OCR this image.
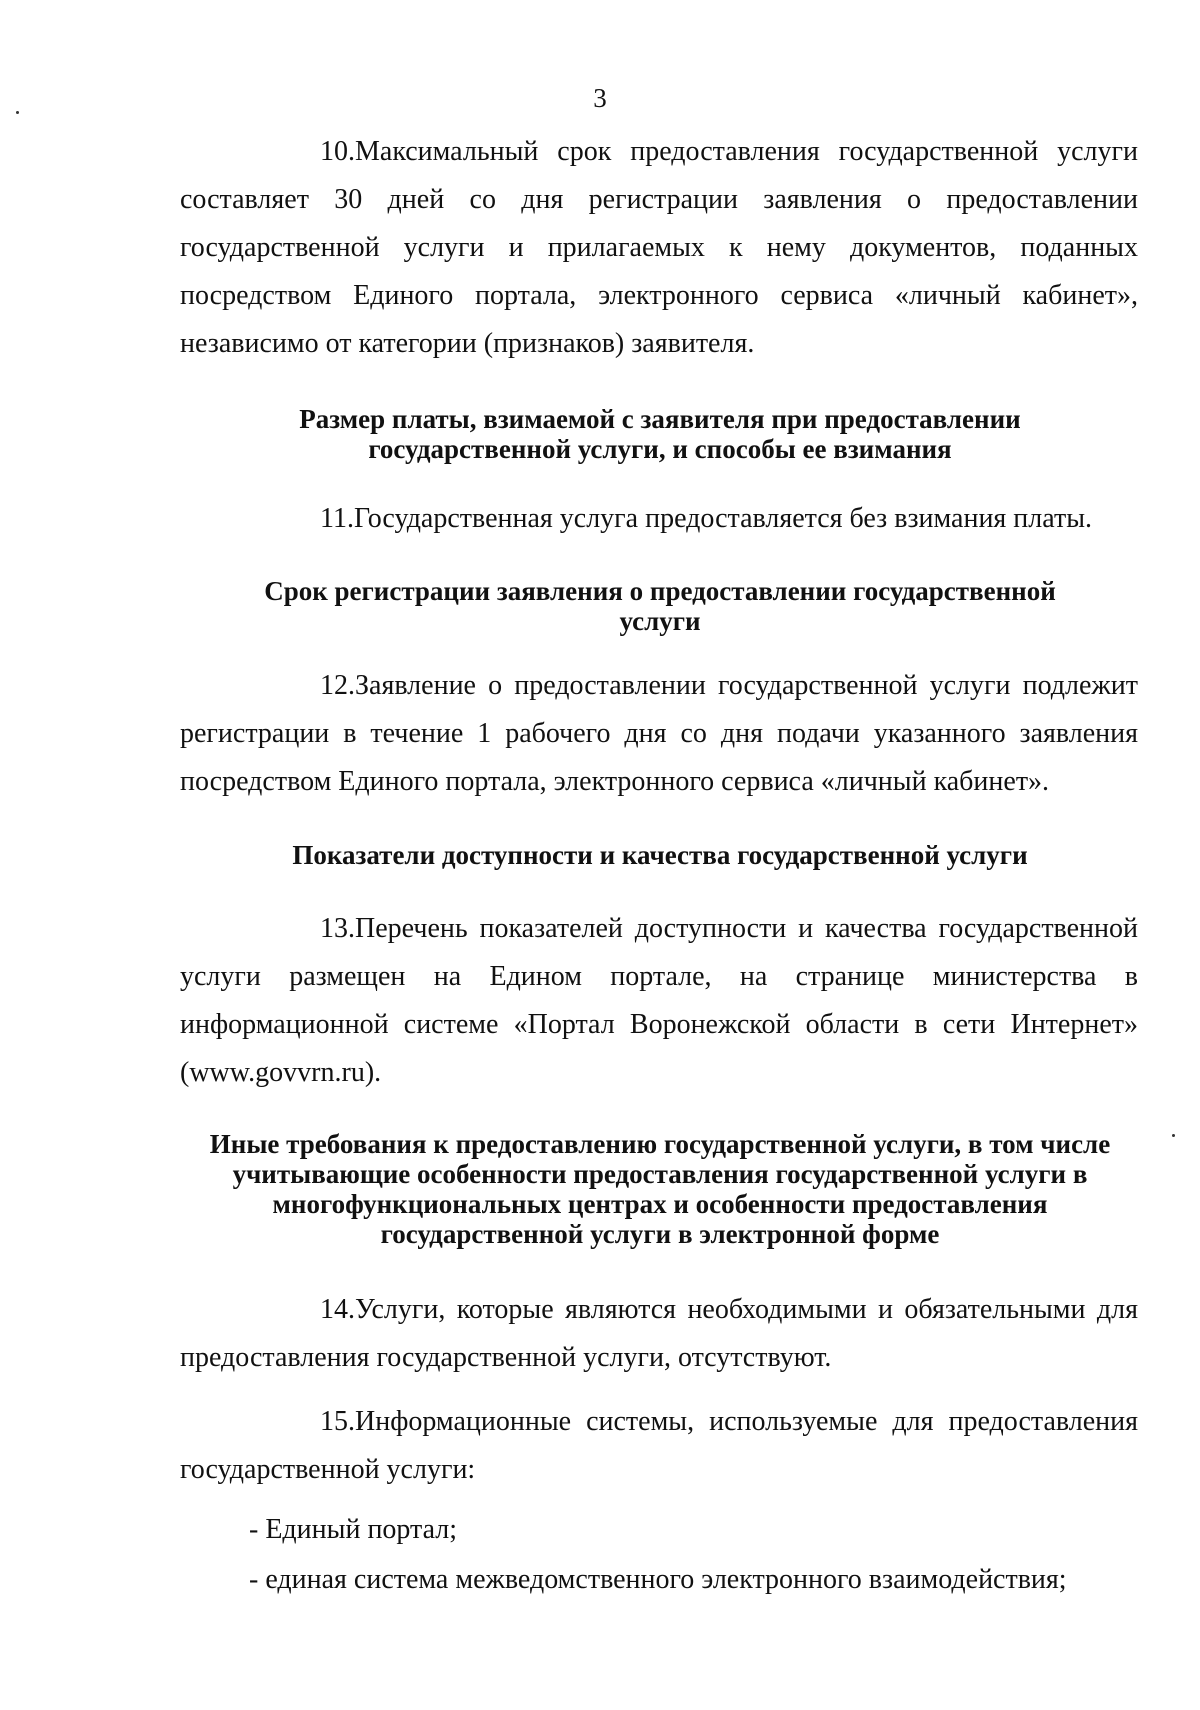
3

10.Максимальный срок предоставления государственной услуги составляет 30 дней со дня регистрации заявления о предоставлении государственной услуги и прилагаемых к нему документов, поданных посредством Единого портала, электронного сервиса «личный кабинет», независимо от категории (признаков) заявителя.

Размер платы, взимаемой с заявителя при предоставлении
государственной услуги, и способы ее взимания

11.Государственная услуга предоставляется без взимания платы.

Срок регистрации заявления о предоставлении государственной
услуги

12.Заявление о предоставлении государственной услуги подлежит регистрации в течение 1 рабочего дня со дня подачи указанного заявления посредством Единого портала, электронного сервиса «личный кабинет».

Показатели доступности и качества государственной услуги

13.Перечень показателей доступности и качества государственной услуги размещен на Едином портале, на странице министерства в информационной системе «Портал Воронежской области в сети Интернет» (www.govvrn.ru).

Иные требования к предоставлению государственной услуги, в том числе
учитывающие особенности предоставления государственной услуги в
многофункциональных центрах и особенности предоставления
государственной услуги в электронной форме

14.Услуги, которые являются необходимыми и обязательными для предоставления государственной услуги, отсутствуют.

15.Информационные системы, используемые для предоставления государственной услуги:

- Единый портал;

- единая система межведомственного электронного взаимодействия;
